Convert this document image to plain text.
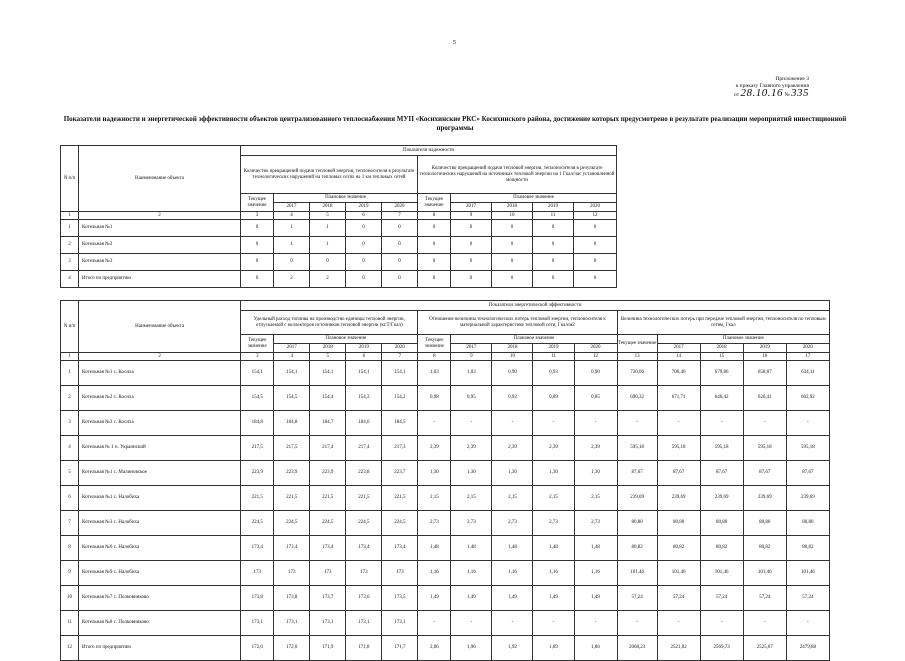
5
Приложение 3
к приказу Главного управления
от 28.10.16 № 335
Показатели надежности и энергетической эффективности объектов централизованного теплоснабжения МУП «Косихинские РКС» Косихинского района, достижение которых предусмотрено в результате реализации мероприятий инвестиционной программы
N п/п	Наименование объекта	Показатели надежности									
		Количество прекращений подачи тепловой энергии, теплоносителя в результате технологических нарушений на тепловых сетях на 1 км тепловых сетей					Количество прекращений подачи тепловой энергии, теплоносителя в результате технологических нарушений на источниках тепловой энергии на 1 Гкал/час установленной мощности				
		Текущее значение	Плановое значение				Текущее значение	Плановое значение			
			2017	2018	2019	2020		2017	2018	2019	2020
1	2	3	4	5	6	7	8	9	10	11	12
1	Котельная №1	0	1	1	0	0	0	0	0	0	0
2	Котельная №2	0	1	1	0	0	0	0	0	0	0
3	Котельная №3	0	0	0	0	0	0	0	0	0	0
4	Итого по предприятию	0	2	2	0	0	0	0	0	0	0
N п/п	Наименование объекта	Показатели энергетической эффективности														
		Удельный расход топлива на производство единицы тепловой энергии, отпускаемой с коллекторов источников тепловой энергии (кг.Т/Гкал)					Отношение величины технологических потерь тепловой энергии, теплоносителя к материальной характеристике тепловой сети, Гкал/м2					Величина технологических потерь при передаче тепловой энергии, теплоносителя по тепловым сетям, Гкал				
		Текущее значение	Плановое значение				Текущее значение	Плановое значение				Текущее значение	Плановое значение			
			2017	2018	2019	2020		2017	2018	2019	2020		2017	2018	2019	2020
1	2	3	4	5	6	7	8	9	10	11	12	13	14	15	16	17
1	Котельная №1 с. Косиха	154,1	154,1	154,1	154,1	154,1	1,03	1,03	0,90	0,93	0,90	720,06	706,46	679,86	658,87	634,11
2	Котельная №2 с. Косиха	154,5	154,5	154,4	154,3	154,2	0,98	0,95	0,92	0,89	0,85	690,32	671,71	646,42	626,41	602,92
3	Котельная №3 с. Косиха	184,8	184,8	184,7	184,6	184,5	-	-	-	-	-	-	-	-	-	-
4	Котельная № 1 п. Украинский	217,5	217,5	217,4	217,4	217,3	2,39	2,39	2,39	2,39	2,39	595,18	595,18	595,18	595,18	595,18
5	Котельная №1 с. Малиновское	223,9	223,9	223,9	223,8	223,7	1,30	1,30	1,30	1,30	1,30	87,67	87,67	87,67	87,67	87,67
6	Котельная №1 с. Налобиха	221,5	221,5	221,5	221,5	221,5	2,15	2,15	2,15	2,15	2,15	239,69	239,69	239,69	239,69	239,69
7	Котельная №3 с. Налобиха	224,5	224,5	224,5	224,5	224,5	2,73	2,73	2,73	2,73	2,73	80,80	80,80	80,80	80,80	80,80
8	Котельная №6 с. Налобиха	173,4	173,4	173,4	173,4	173,4	1,48	1,48	1,48	1,48	1,48	80,82	80,82	80,82	80,82	80,82
9	Котельная №9 с. Налобиха	173	173	173	173	173	1,16	1,16	1,16	1,16	1,16	101,46	101,46	101,46	101,46	101,46
10	Котельная №7 с. Полковниково	173,8	173,8	173,7	173,6	173,5	1,49	1,49	1,49	1,49	1,49	57,24	57,24	57,24	57,24	57,24
11	Котельная №8 с. Полковниково	173,1	173,1	173,1	173,1	173,1	-	-	-	-	-	-	-	-	-	-
12	Итого по предприятию	172,0	172,0	171,9	171,8	171,7	2,06	1,96	1,92	1,89	1,86	2068,23	2521,02	2569,73	2525,07	2479,88
